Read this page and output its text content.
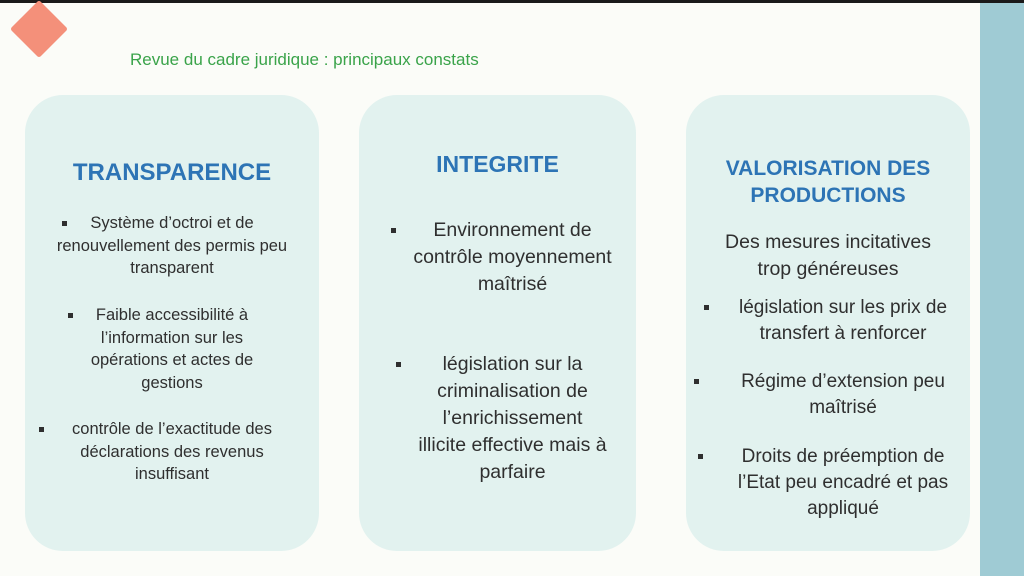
Revue du cadre juridique : principaux constats
TRANSPARENCE
Système d’octroi et de renouvellement des permis peu transparent
Faible accessibilité à l’information sur les opérations et actes de gestions
contrôle de l’exactitude des déclarations des revenus insuffisant
INTEGRITE
Environnement de contrôle moyennement maîtrisé
législation sur la criminalisation de l’enrichissement illicite effective mais à parfaire
VALORISATION DES PRODUCTIONS
Des mesures incitatives trop généreuses
législation sur les prix de transfert à renforcer
Régime d’extension peu maîtrisé
Droits de préemption de l’Etat peu encadré et pas appliqué
